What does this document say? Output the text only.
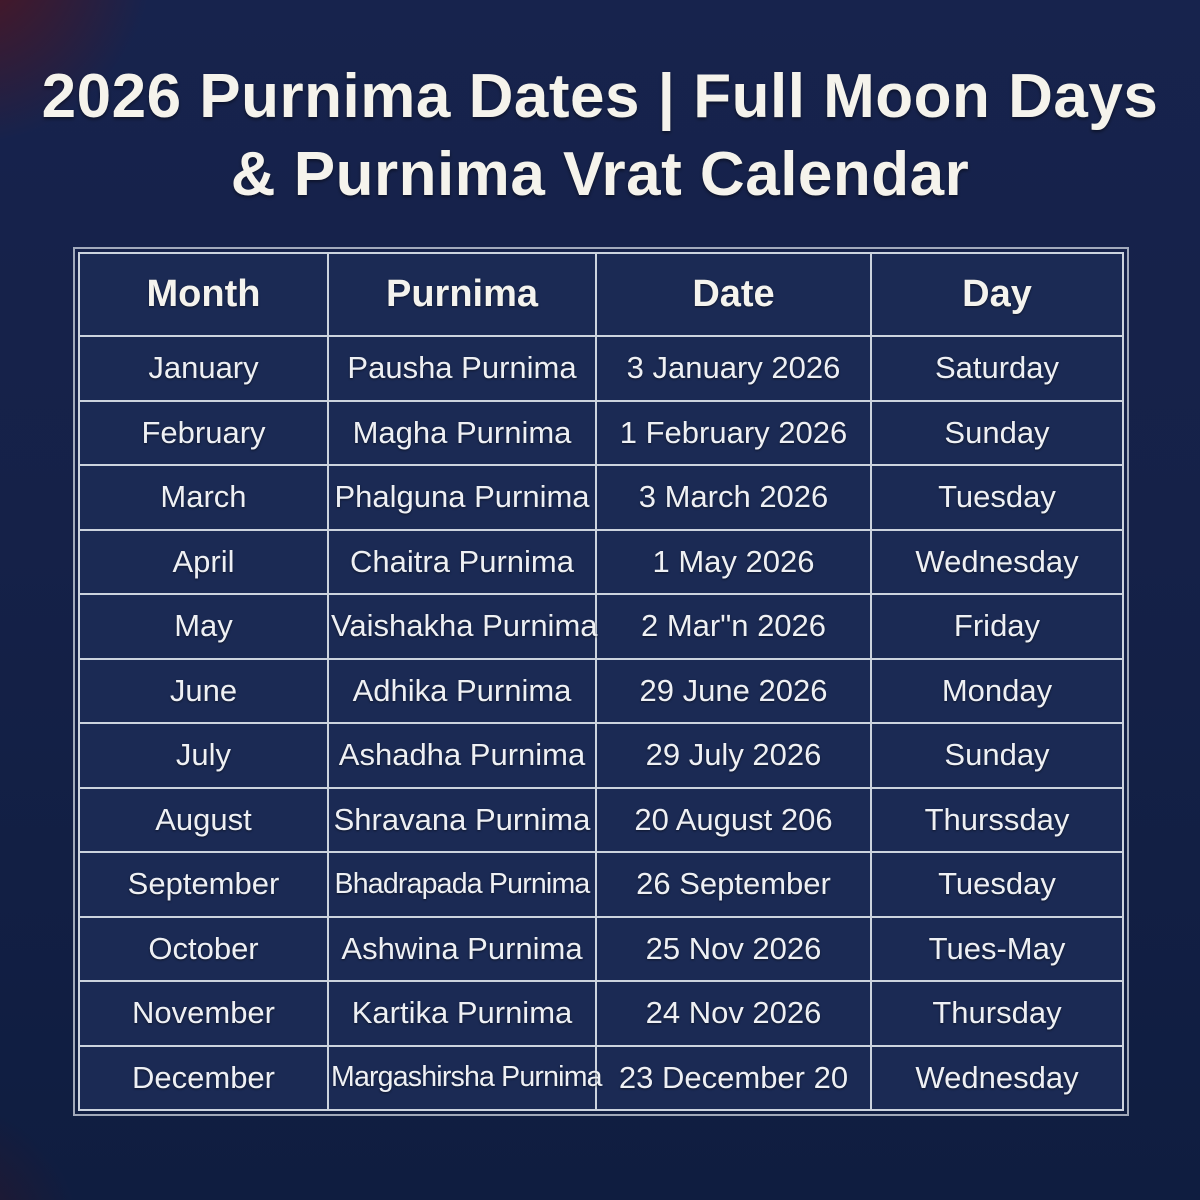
2026 Purnima Dates | Full Moon Days & Purnima Vrat Calendar
Month	Purnima	Date	Day
January	Pausha Purnima	3 January 2026	Saturday
February	Magha Purnima	1 February 2026	Sunday
March	Phalguna Purnima	3 March 2026	Tuesday
April	Chaitra Purnima	1 May 2026	Wednesday
May	Vaishakha Purnima	2 Marʺn 2026	Friday
June	Adhika Purnima	29 June 2026	Monday
July	Ashadha Purnima	29 July 2026	Sunday
August	Shravana Purnima	20 August 206	Thurssday
September	Bhadrapada Purnima	26 September	Tuesday
October	Ashwina Purnima	25 Nov 2026	Tues-May
November	Kartika Purnima	24 Nov 2026	Thursday
December	Margashirsha Purnima	23 December 20	Wednesday
